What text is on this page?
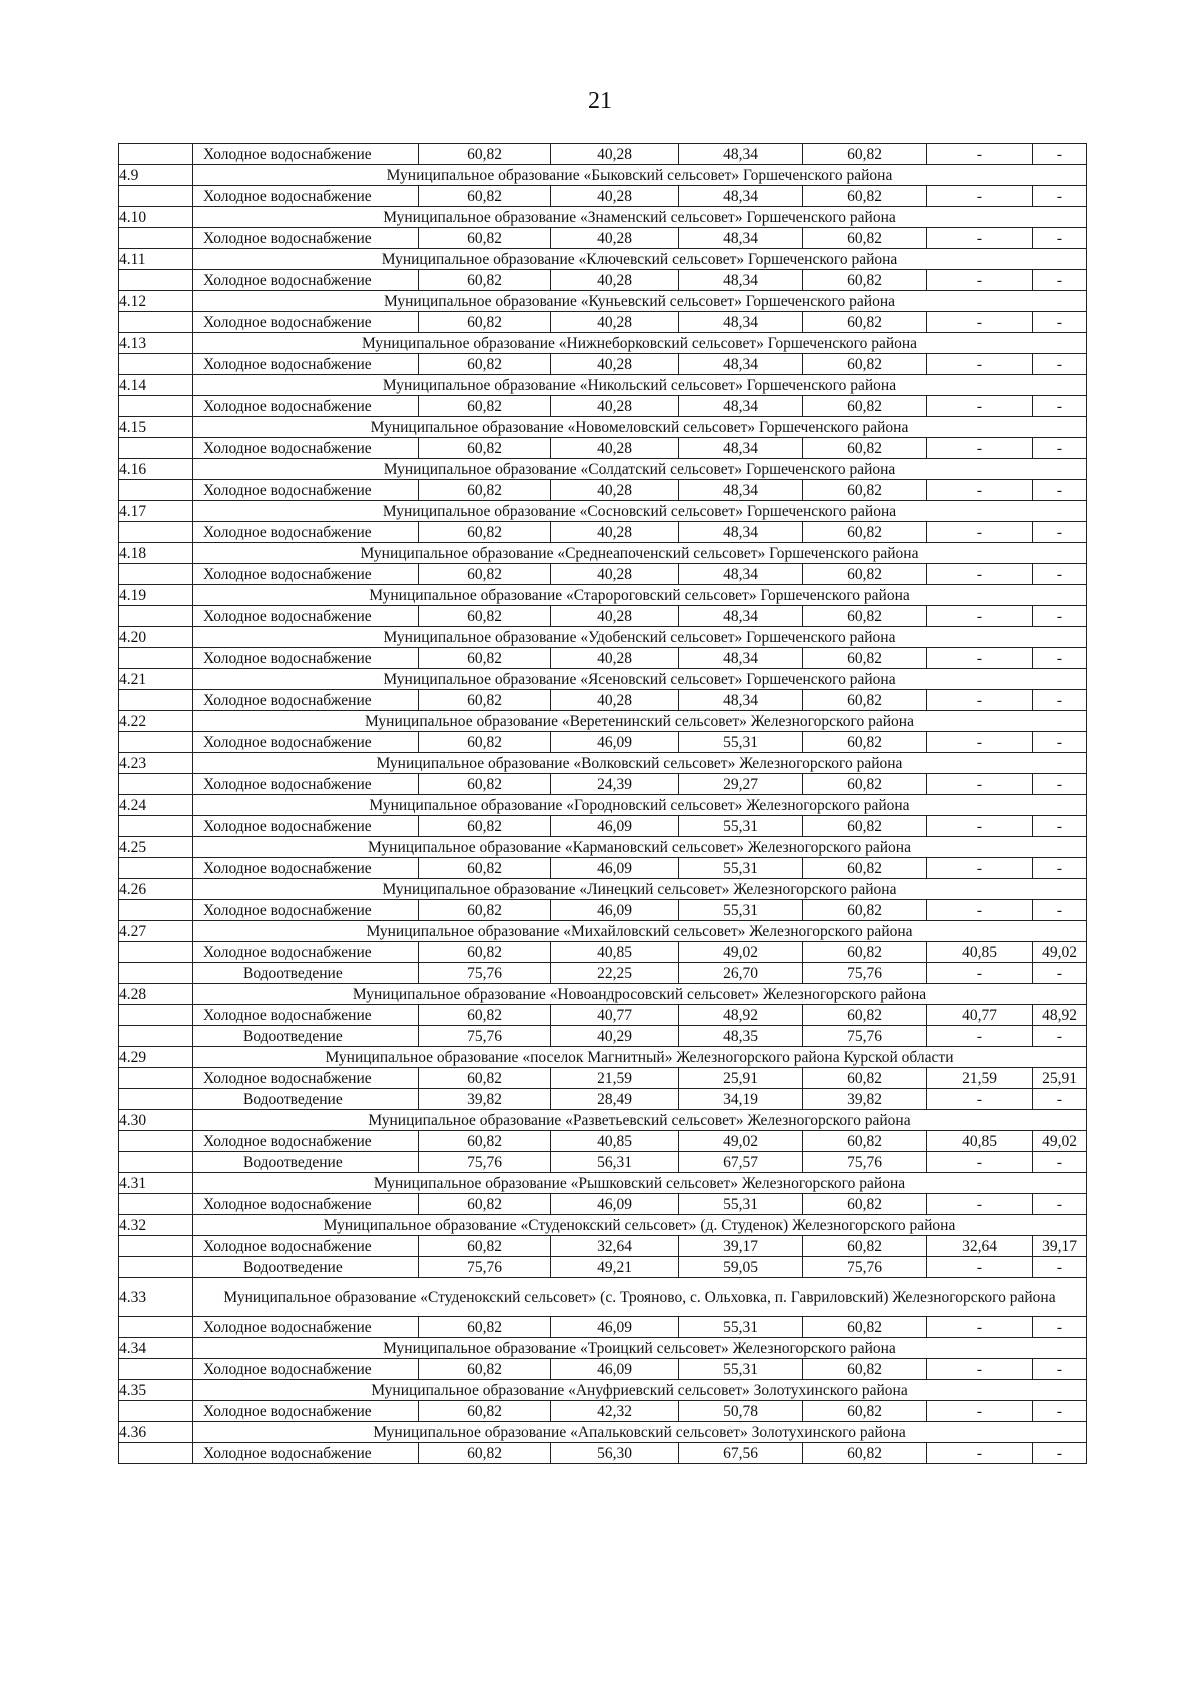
21
	Холодное водоснабжение	60,82	40,28	48,34	60,82	-	-
4.9	Муниципальное образование «Быковский сельсовет» Горшеченского района						
	Холодное водоснабжение	60,82	40,28	48,34	60,82	-	-
4.10	Муниципальное образование «Знаменский сельсовет» Горшеченского района						
	Холодное водоснабжение	60,82	40,28	48,34	60,82	-	-
4.11	Муниципальное образование «Ключевский сельсовет» Горшеченского района						
	Холодное водоснабжение	60,82	40,28	48,34	60,82	-	-
4.12	Муниципальное образование «Куньевский сельсовет» Горшеченского района						
	Холодное водоснабжение	60,82	40,28	48,34	60,82	-	-
4.13	Муниципальное образование «Нижнеборковский сельсовет» Горшеченского района						
	Холодное водоснабжение	60,82	40,28	48,34	60,82	-	-
4.14	Муниципальное образование «Никольский сельсовет» Горшеченского района						
	Холодное водоснабжение	60,82	40,28	48,34	60,82	-	-
4.15	Муниципальное образование «Новомеловский сельсовет» Горшеченского района						
	Холодное водоснабжение	60,82	40,28	48,34	60,82	-	-
4.16	Муниципальное образование «Солдатский сельсовет» Горшеченского района						
	Холодное водоснабжение	60,82	40,28	48,34	60,82	-	-
4.17	Муниципальное образование «Сосновский сельсовет» Горшеченского района						
	Холодное водоснабжение	60,82	40,28	48,34	60,82	-	-
4.18	Муниципальное образование «Среднеапоченский сельсовет» Горшеченского района						
	Холодное водоснабжение	60,82	40,28	48,34	60,82	-	-
4.19	Муниципальное образование «Старороговский сельсовет» Горшеченского района						
	Холодное водоснабжение	60,82	40,28	48,34	60,82	-	-
4.20	Муниципальное образование «Удобенский сельсовет» Горшеченского района						
	Холодное водоснабжение	60,82	40,28	48,34	60,82	-	-
4.21	Муниципальное образование «Ясеновский сельсовет» Горшеченского района						
	Холодное водоснабжение	60,82	40,28	48,34	60,82	-	-
4.22	Муниципальное образование «Веретенинский сельсовет» Железногорского района						
	Холодное водоснабжение	60,82	46,09	55,31	60,82	-	-
4.23	Муниципальное образование «Волковский сельсовет» Железногорского района						
	Холодное водоснабжение	60,82	24,39	29,27	60,82	-	-
4.24	Муниципальное образование «Городновский сельсовет» Железногорского района						
	Холодное водоснабжение	60,82	46,09	55,31	60,82	-	-
4.25	Муниципальное образование «Кармановский сельсовет» Железногорского района						
	Холодное водоснабжение	60,82	46,09	55,31	60,82	-	-
4.26	Муниципальное образование «Линецкий сельсовет» Железногорского района						
	Холодное водоснабжение	60,82	46,09	55,31	60,82	-	-
4.27	Муниципальное образование «Михайловский сельсовет» Железногорского района						
	Холодное водоснабжение	60,82	40,85	49,02	60,82	40,85	49,02
	Водоотведение	75,76	22,25	26,70	75,76	-	-
4.28	Муниципальное образование «Новоандросовский сельсовет» Железногорского района						
	Холодное водоснабжение	60,82	40,77	48,92	60,82	40,77	48,92
	Водоотведение	75,76	40,29	48,35	75,76	-	-
4.29	Муниципальное образование «поселок Магнитный» Железногорского района Курской области						
	Холодное водоснабжение	60,82	21,59	25,91	60,82	21,59	25,91
	Водоотведение	39,82	28,49	34,19	39,82	-	-
4.30	Муниципальное образование «Разветьевский сельсовет» Железногорского района						
	Холодное водоснабжение	60,82	40,85	49,02	60,82	40,85	49,02
	Водоотведение	75,76	56,31	67,57	75,76	-	-
4.31	Муниципальное образование «Рышковский сельсовет» Железногорского района						
	Холодное водоснабжение	60,82	46,09	55,31	60,82	-	-
4.32	Муниципальное образование «Студенокский сельсовет» (д. Студенок) Железногорского района						
	Холодное водоснабжение	60,82	32,64	39,17	60,82	32,64	39,17
	Водоотведение	75,76	49,21	59,05	75,76	-	-
4.33	Муниципальное образование «Студенокский сельсовет» (с. Трояново, с. Ольховка, п. Гавриловский) Железногорского района						
	Холодное водоснабжение	60,82	46,09	55,31	60,82	-	-
4.34	Муниципальное образование «Троицкий сельсовет» Железногорского района						
	Холодное водоснабжение	60,82	46,09	55,31	60,82	-	-
4.35	Муниципальное образование «Ануфриевский сельсовет» Золотухинского района						
	Холодное водоснабжение	60,82	42,32	50,78	60,82	-	-
4.36	Муниципальное образование «Апальковский сельсовет» Золотухинского района						
	Холодное водоснабжение	60,82	56,30	67,56	60,82	-	-
